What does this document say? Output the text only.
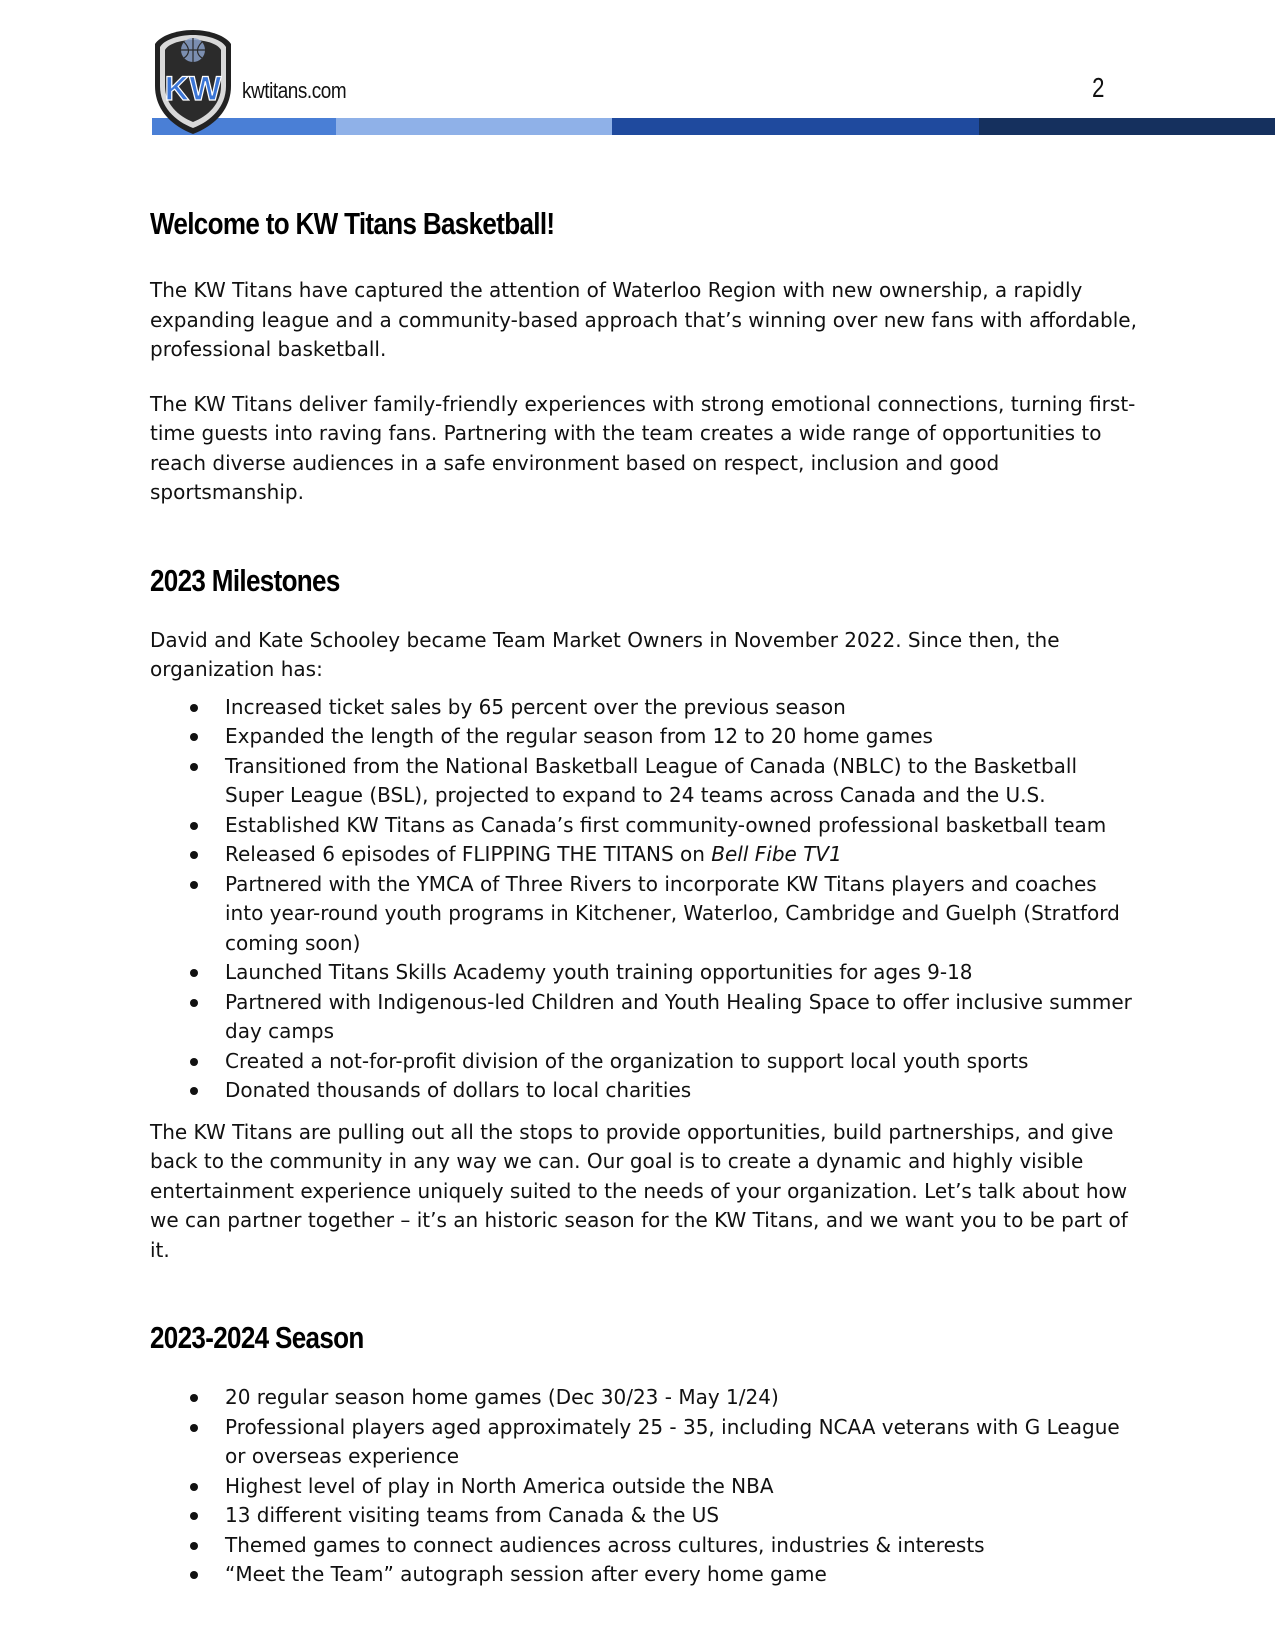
KW kwtitans.com	2
Welcome to KW Titans Basketball!

The KW Titans have captured the attention of Waterloo Region with new ownership, a rapidly expanding league and a community-based approach that’s winning over new fans with affordable, professional basketball.

The KW Titans deliver family-friendly experiences with strong emotional connections, turning first-time guests into raving fans. Partnering with the team creates a wide range of opportunities to reach diverse audiences in a safe environment based on respect, inclusion and good sportsmanship.

2023 Milestones

David and Kate Schooley became Team Market Owners in November 2022. Since then, the organization has:

Increased ticket sales by 65 percent over the previous season
Expanded the length of the regular season from 12 to 20 home games
Transitioned from the National Basketball League of Canada (NBLC) to the Basketball Super League (BSL), projected to expand to 24 teams across Canada and the U.S.
Established KW Titans as Canada’s first community-owned professional basketball team
Released 6 episodes of FLIPPING THE TITANS on Bell Fibe TV1
Partnered with the YMCA of Three Rivers to incorporate KW Titans players and coaches into year-round youth programs in Kitchener, Waterloo, Cambridge and Guelph (Stratford coming soon)
Launched Titans Skills Academy youth training opportunities for ages 9-18
Partnered with Indigenous-led Children and Youth Healing Space to offer inclusive summer day camps
Created a not-for-profit division of the organization to support local youth sports
Donated thousands of dollars to local charities

The KW Titans are pulling out all the stops to provide opportunities, build partnerships, and give back to the community in any way we can. Our goal is to create a dynamic and highly visible entertainment experience uniquely suited to the needs of your organization. Let’s talk about how we can partner together – it’s an historic season for the KW Titans, and we want you to be part of it.

2023-2024 Season
20 regular season home games (Dec 30/23 - May 1/24)
Professional players aged approximately 25 - 35, including NCAA veterans with G League or overseas experience
Highest level of play in North America outside the NBA
13 different visiting teams from Canada & the US
Themed games to connect audiences across cultures, industries & interests
“Meet the Team” autograph session after every home game
